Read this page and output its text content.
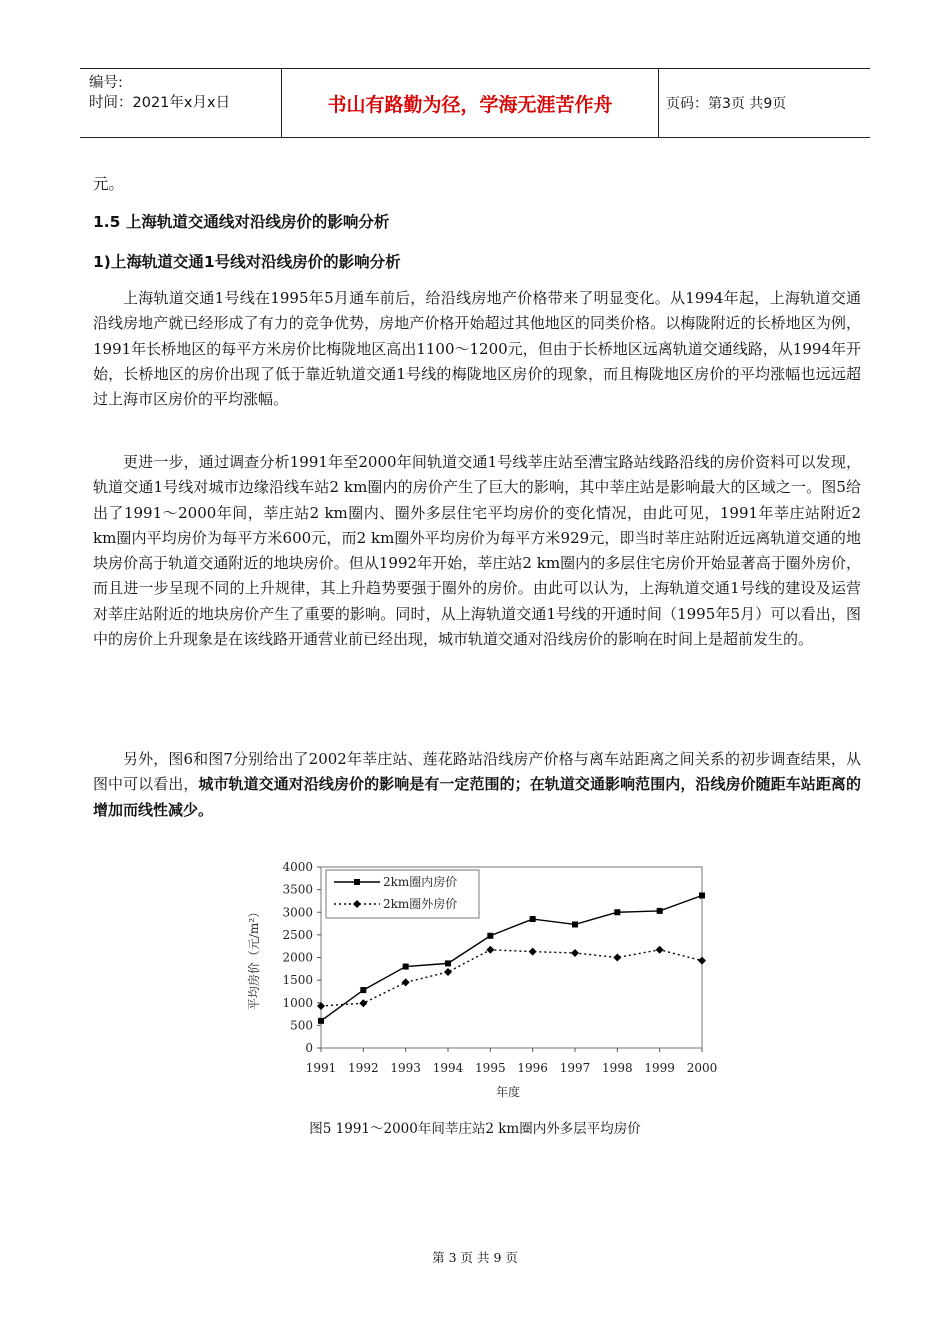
编号:
时间：2021年x月x日	书山有路勤为径，学海无涯苦作舟	页码：第3页 共9页
元。
1.5 上海轨道交通线对沿线房价的影响分析
1)上海轨道交通1号线对沿线房价的影响分析

上海轨道交通1号线在1995年5月通车前后，给沿线房地产价格带来了明显变化。从1994年起，上海轨道交通沿线房地产就已经形成了有力的竞争优势，房地产价格开始超过其他地区的同类价格。以梅陇附近的长桥地区为例，1991年长桥地区的每平方米房价比梅陇地区高出1100～1200元，但由于长桥地区远离轨道交通线路，从1994年开始，长桥地区的房价出现了低于靠近轨道交通1号线的梅陇地区房价的现象，而且梅陇地区房价的平均涨幅也远远超过上海市区房价的平均涨幅。

更进一步，通过调查分析1991年至2000年间轨道交通1号线莘庄站至漕宝路站线路沿线的房价资料可以发现，轨道交通1号线对城市边缘沿线车站2 km圈内的房价产生了巨大的影响，其中莘庄站是影响最大的区域之一。图5给出了1991～2000年间，莘庄站2 km圈内、圈外多层住宅平均房价的变化情况，由此可见，1991年莘庄站附近2 km圈内平均房价为每平方米600元，而2 km圈外平均房价为每平方米929元，即当时莘庄站附近远离轨道交通的地块房价高于轨道交通附近的地块房价。但从1992年开始，莘庄站2 km圈内的多层住宅房价开始显著高于圈外房价，而且进一步呈现不同的上升规律，其上升趋势要强于圈外的房价。由此可以认为，上海轨道交通1号线的建设及运营对莘庄站附近的地块房价产生了重要的影响。同时，从上海轨道交通1号线的开通时间（1995年5月）可以看出，图中的房价上升现象是在该线路开通营业前已经出现，城市轨道交通对沿线房价的影响在时间上是超前发生的。

另外，图6和图7分别给出了2002年莘庄站、莲花路站沿线房产价格与离车站距离之间关系的初步调查结果，从图中可以看出，城市轨道交通对沿线房价的影响是有一定范围的；在轨道交通影响范围内，沿线房价随距车站距离的增加而线性减少。

0
500
1000
1500
2000
2500
3000
3500
4000
1991 1992 1993 1994 1995 1996 1997 1998 1999 2000
2km圈内房价
2km圈外房价
平均房价（元/m²）
年度
图5 1991～2000年间莘庄站2 km圈内外多层平均房价
第 3 页 共 9 页
